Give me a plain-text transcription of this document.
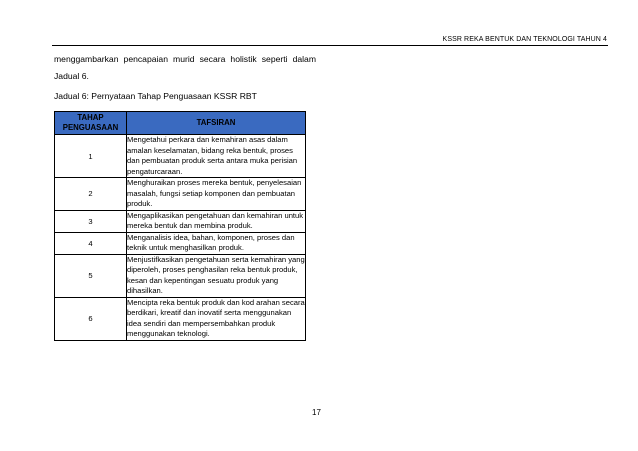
KSSR REKA BENTUK DAN TEKNOLOGI TAHUN 4
menggambarkan pencapaian murid secara holistik seperti dalam
Jadual 6.
Jadual 6: Pernyataan Tahap Penguasaan KSSR RBT
TAHAP PENGUASAAN	TAFSIRAN
1	Mengetahui perkara dan kemahiran asas dalam amalan keselamatan, bidang reka bentuk, proses dan pembuatan produk serta antara muka perisian pengaturcaraan.
2	Menghuraikan proses mereka bentuk, penyelesaian masalah, fungsi setiap komponen dan pembuatan produk.
3	Mengaplikasikan pengetahuan dan kemahiran untuk mereka bentuk dan membina produk.
4	Menganalisis idea, bahan, komponen, proses dan teknik untuk menghasilkan produk.
5	Menjustifkasikan pengetahuan serta kemahiran yang diperoleh, proses penghasilan reka bentuk produk, kesan dan kepentingan sesuatu produk yang dihasilkan.
6	Mencipta reka bentuk produk dan kod arahan secara berdikari, kreatif dan inovatif serta menggunakan idea sendiri dan mempersembahkan produk menggunakan teknologi.
17
